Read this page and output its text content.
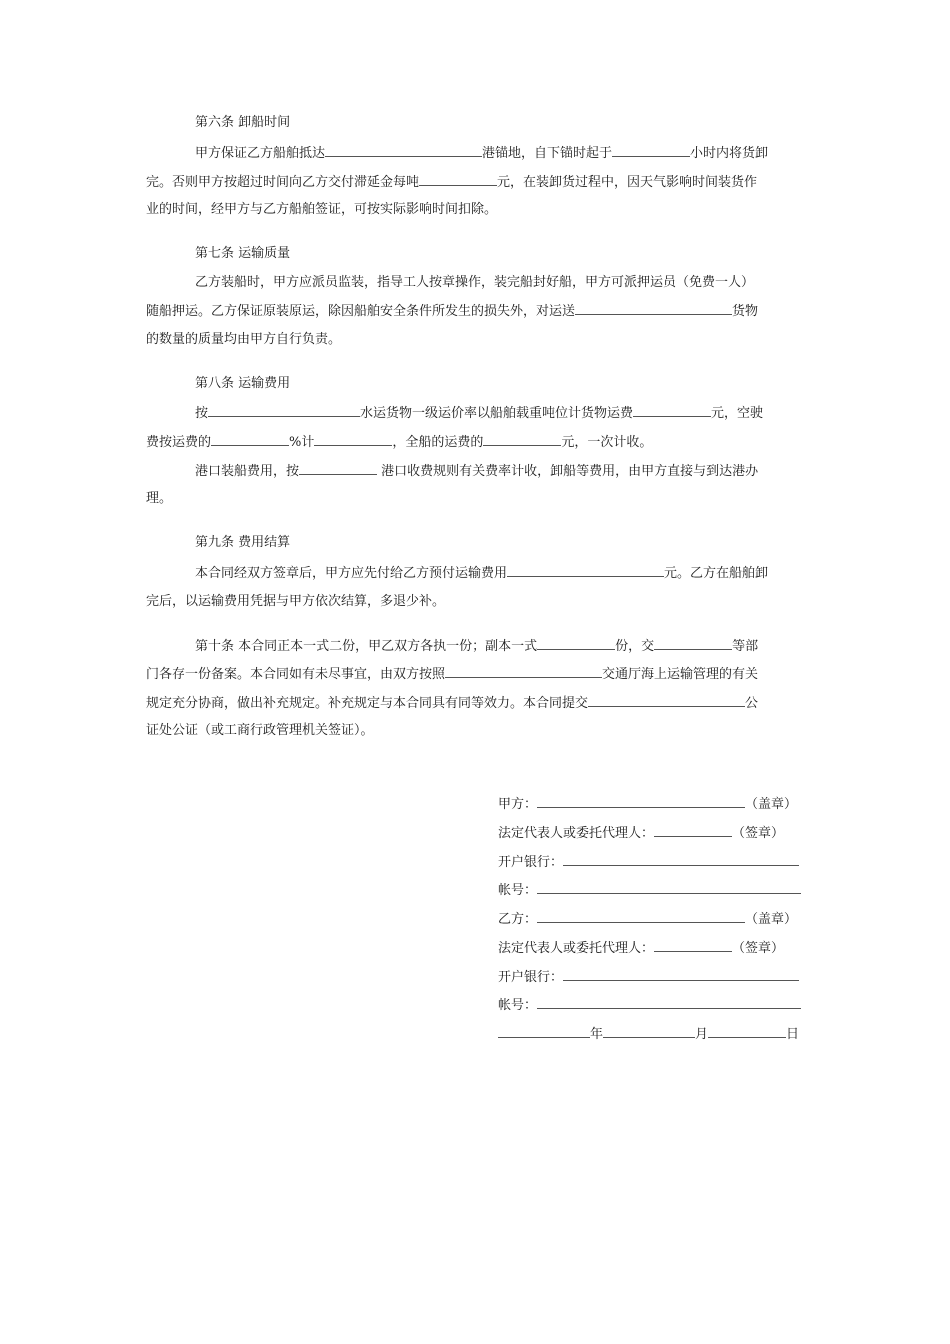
第六条 卸船时间
甲方保证乙方船舶抵达	港锚地，自下锚时起于	小时内将货卸
完。否则甲方按超过时间向乙方交付滞延金每吨	元，在装卸货过程中，因天气影响时间装货作
业的时间，经甲方与乙方船舶签证，可按实际影响时间扣除。
第七条 运输质量
乙方装船时，甲方应派员监装，指导工人按章操作，装完船封好船，甲方可派押运员（免费一人）
随船押运。乙方保证原装原运，除因船舶安全条件所发生的损失外，对运送	货物
的数量的质量均由甲方自行负责。
第八条 运输费用
按	水运货物一级运价率以船舶载重吨位计货物运费	元，空驶
费按运费的	%计	，全船的运费的	元，一次计收。
港口装船费用，按	港口收费规则有关费率计收，卸船等费用，由甲方直接与到达港办
理。
第九条 费用结算
本合同经双方签章后，甲方应先付给乙方预付运输费用	元。乙方在船舶卸
完后，以运输费用凭据与甲方依次结算，多退少补。
第十条 本合同正本一式二份，甲乙双方各执一份；副本一式	份，交	等部
门各存一份备案。本合同如有未尽事宜，由双方按照	交通厅海上运输管理的有关
规定充分协商，做出补充规定。补充规定与本合同具有同等效力。本合同提交	公
证处公证（或工商行政管理机关签证）。
甲方：	（盖章）
法定代表人或委托代理人：	（签章）
开户银行：
帐号：
乙方：	（盖章）
法定代表人或委托代理人：	（签章）
开户银行：
帐号：
年	月	日
